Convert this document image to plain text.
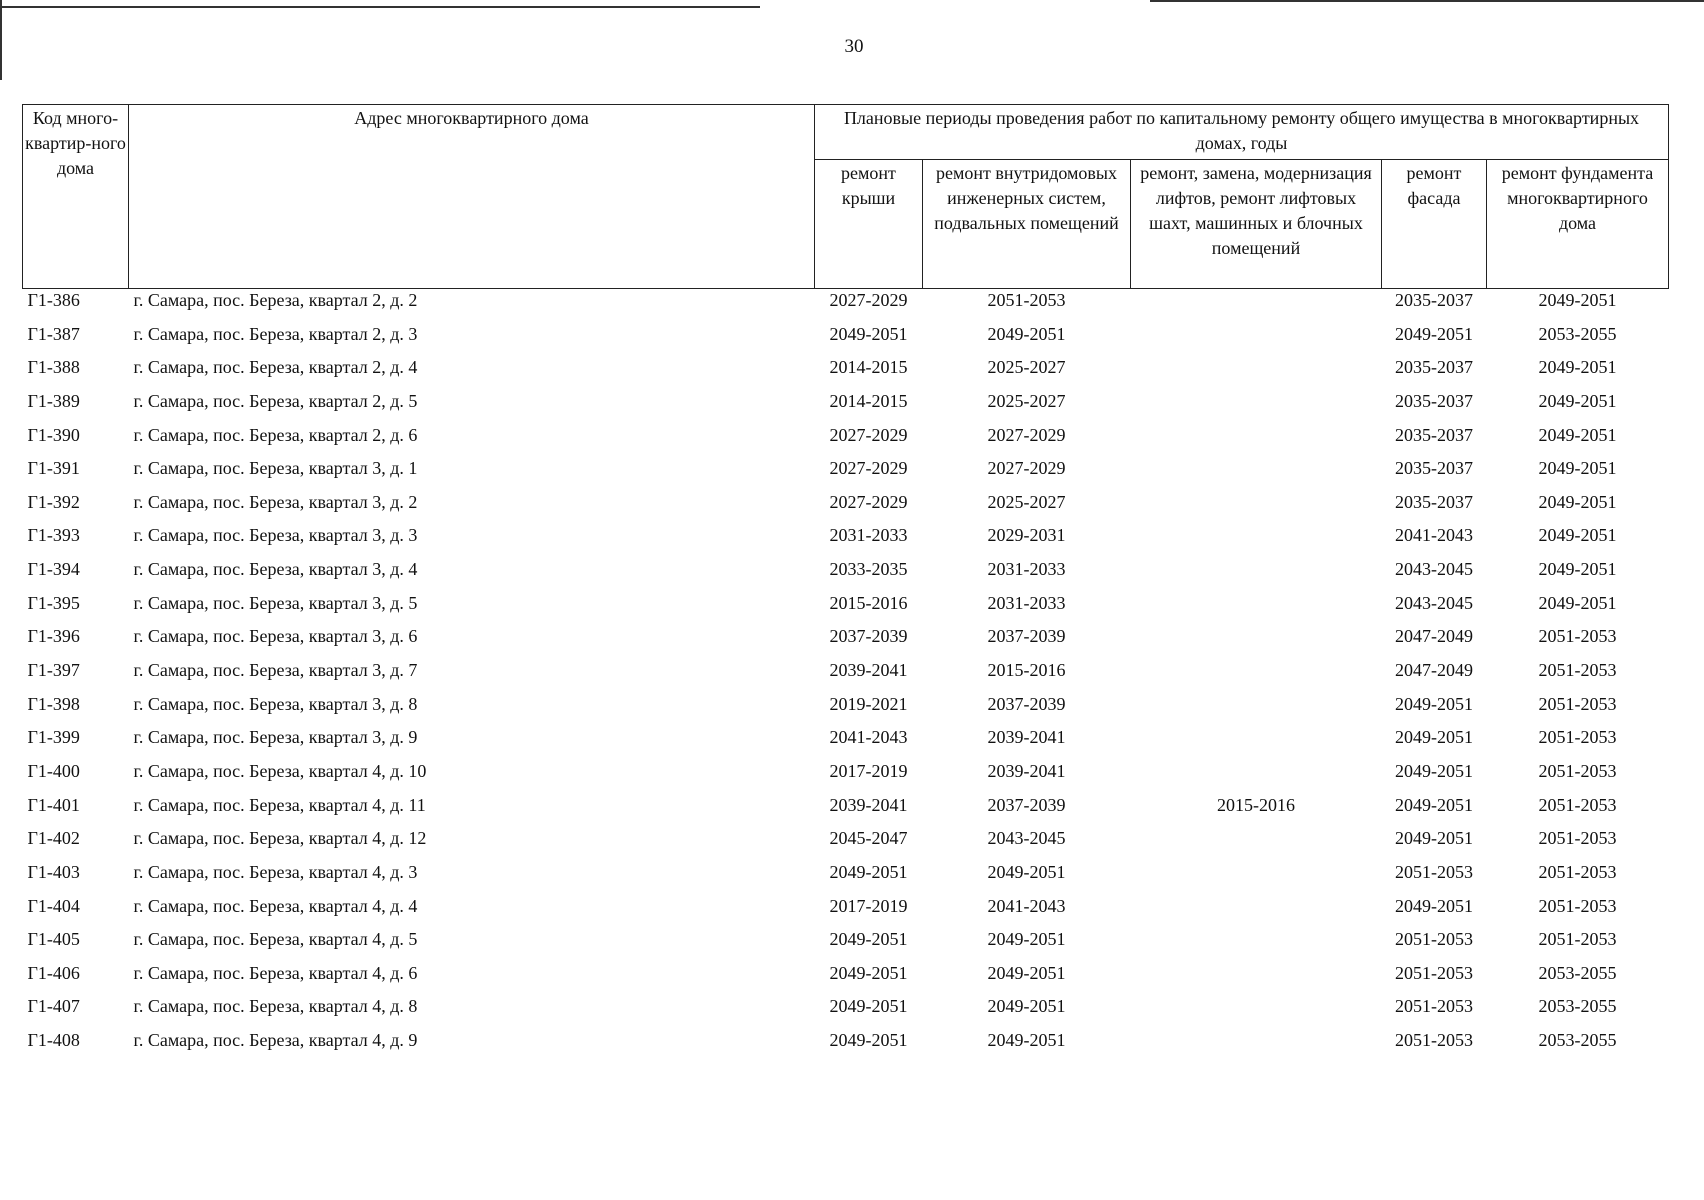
30
Код много-квартир-ного дома	Адрес многоквартирного дома	Плановые периоды проведения работ по капитальному ремонту общего имущества в многоквартирных домах, годы				
		ремонт крыши	ремонт внутридомовых инженерных систем, подвальных помещений	ремонт, замена, модернизация лифтов, ремонт лифтовых шахт, машинных и блочных помещений	ремонт фасада	ремонт фундамента многоквартирного дома
Г1-386	г. Самара, пос. Береза, квартал 2, д. 2	2027-2029	2051-2053		2035-2037	2049-2051
Г1-387	г. Самара, пос. Береза, квартал 2, д. 3	2049-2051	2049-2051		2049-2051	2053-2055
Г1-388	г. Самара, пос. Береза, квартал 2, д. 4	2014-2015	2025-2027		2035-2037	2049-2051
Г1-389	г. Самара, пос. Береза, квартал 2, д. 5	2014-2015	2025-2027		2035-2037	2049-2051
Г1-390	г. Самара, пос. Береза, квартал 2, д. 6	2027-2029	2027-2029		2035-2037	2049-2051
Г1-391	г. Самара, пос. Береза, квартал 3, д. 1	2027-2029	2027-2029		2035-2037	2049-2051
Г1-392	г. Самара, пос. Береза, квартал 3, д. 2	2027-2029	2025-2027		2035-2037	2049-2051
Г1-393	г. Самара, пос. Береза, квартал 3, д. 3	2031-2033	2029-2031		2041-2043	2049-2051
Г1-394	г. Самара, пос. Береза, квартал 3, д. 4	2033-2035	2031-2033		2043-2045	2049-2051
Г1-395	г. Самара, пос. Береза, квартал 3, д. 5	2015-2016	2031-2033		2043-2045	2049-2051
Г1-396	г. Самара, пос. Береза, квартал 3, д. 6	2037-2039	2037-2039		2047-2049	2051-2053
Г1-397	г. Самара, пос. Береза, квартал 3, д. 7	2039-2041	2015-2016		2047-2049	2051-2053
Г1-398	г. Самара, пос. Береза, квартал 3, д. 8	2019-2021	2037-2039		2049-2051	2051-2053
Г1-399	г. Самара, пос. Береза, квартал 3, д. 9	2041-2043	2039-2041		2049-2051	2051-2053
Г1-400	г. Самара, пос. Береза, квартал 4, д. 10	2017-2019	2039-2041		2049-2051	2051-2053
Г1-401	г. Самара, пос. Береза, квартал 4, д. 11	2039-2041	2037-2039	2015-2016	2049-2051	2051-2053
Г1-402	г. Самара, пос. Береза, квартал 4, д. 12	2045-2047	2043-2045		2049-2051	2051-2053
Г1-403	г. Самара, пос. Береза, квартал 4, д. 3	2049-2051	2049-2051		2051-2053	2051-2053
Г1-404	г. Самара, пос. Береза, квартал 4, д. 4	2017-2019	2041-2043		2049-2051	2051-2053
Г1-405	г. Самара, пос. Береза, квартал 4, д. 5	2049-2051	2049-2051		2051-2053	2051-2053
Г1-406	г. Самара, пос. Береза, квартал 4, д. 6	2049-2051	2049-2051		2051-2053	2053-2055
Г1-407	г. Самара, пос. Береза, квартал 4, д. 8	2049-2051	2049-2051		2051-2053	2053-2055
Г1-408	г. Самара, пос. Береза, квартал 4, д. 9	2049-2051	2049-2051		2051-2053	2053-2055
